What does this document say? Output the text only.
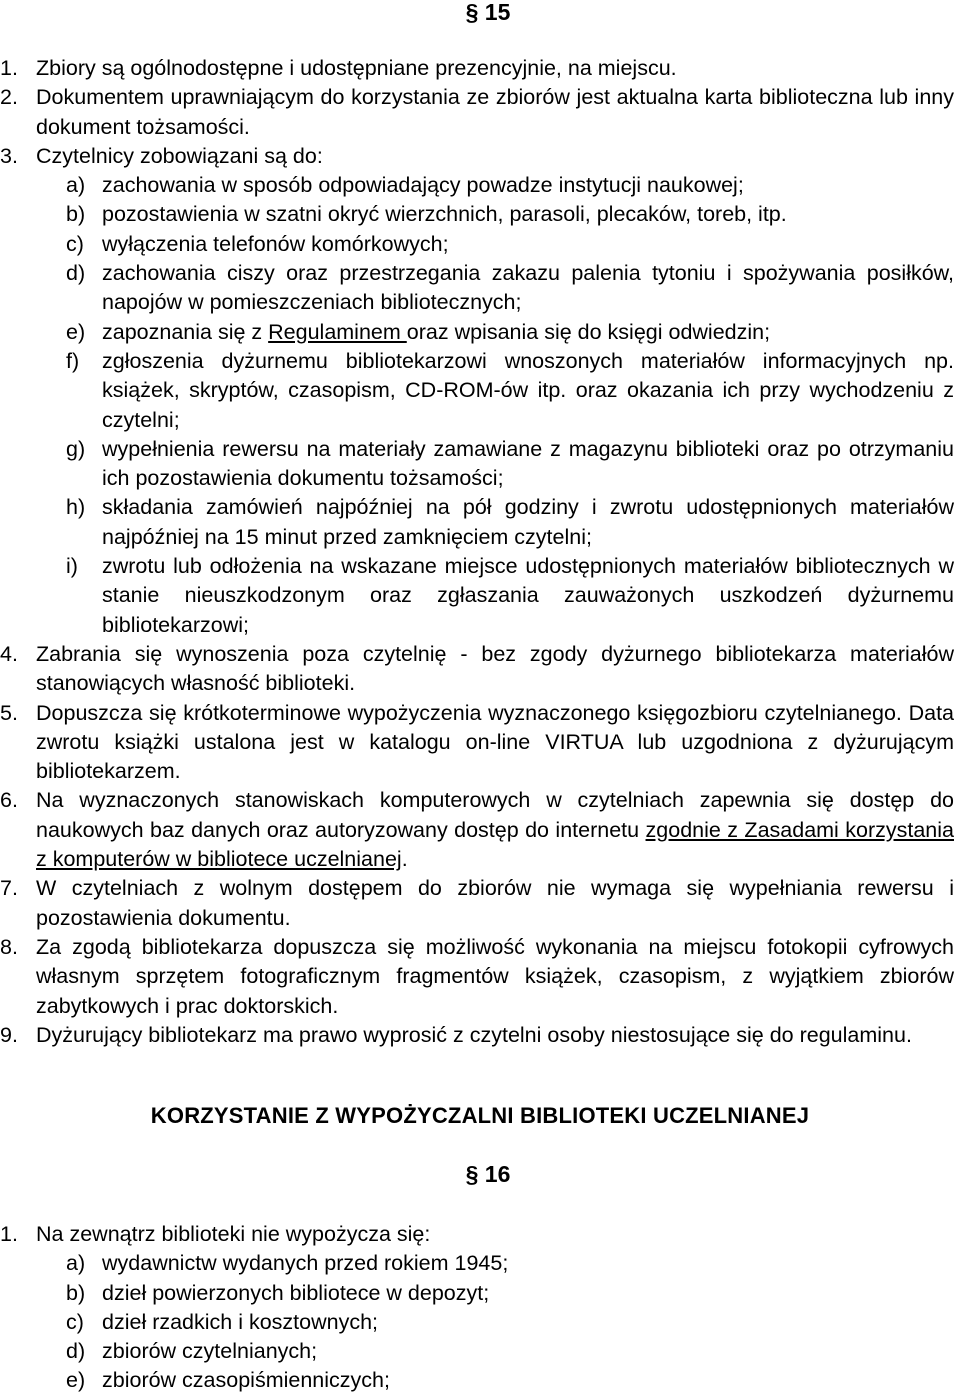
§ 15
1. Zbiory są ogólnodostępne i udostępniane prezencyjnie, na miejscu.
2. Dokumentem uprawniającym do korzystania ze zbiorów jest aktualna karta biblioteczna lub inny dokument tożsamości.
3. Czytelnicy zobowiązani są do:
a) zachowania w sposób odpowiadający powadze instytucji naukowej;
b) pozostawienia w szatni okryć wierzchnich, parasoli, plecaków, toreb, itp.
c) wyłączenia telefonów komórkowych;
d) zachowania ciszy oraz przestrzegania zakazu palenia tytoniu i spożywania posiłków, napojów w pomieszczeniach bibliotecznych;
e) zapoznania się z Regulaminem oraz wpisania się do księgi odwiedzin;
f) zgłoszenia dyżurnemu bibliotekarzowi wnoszonych materiałów informacyjnych np. książek, skryptów, czasopism, CD-ROM-ów itp. oraz okazania ich przy wychodzeniu z czytelni;
g) wypełnienia rewersu na materiały zamawiane z magazynu biblioteki oraz po otrzymaniu ich pozostawienia dokumentu tożsamości;
h) składania zamówień najpóźniej na pół godziny i zwrotu udostępnionych materiałów najpóźniej na 15 minut przed zamknięciem czytelni;
i) zwrotu lub odłożenia na wskazane miejsce udostępnionych materiałów bibliotecznych w stanie nieuszkodzonym oraz zgłaszania zauważonych uszkodzeń dyżurnemu bibliotekarzowi;
4. Zabrania się wynoszenia poza czytelnię - bez zgody dyżurnego bibliotekarza materiałów stanowiących własność biblioteki.
5. Dopuszcza się krótkoterminowe wypożyczenia wyznaczonego księgozbioru czytelnianego. Data zwrotu książki ustalona jest w katalogu on-line VIRTUA lub uzgodniona z dyżurującym bibliotekarzem.
6. Na wyznaczonych stanowiskach komputerowych w czytelniach zapewnia się dostęp do naukowych baz danych oraz autoryzowany dostęp do internetu zgodnie z Zasadami korzystania z komputerów w bibliotece uczelnianej.
7. W czytelniach z wolnym dostępem do zbiorów nie wymaga się wypełniania rewersu i pozostawienia dokumentu.
8. Za zgodą bibliotekarza dopuszcza się możliwość wykonania na miejscu fotokopii cyfrowych własnym sprzętem fotograficznym fragmentów książek, czasopism, z wyjątkiem zbiorów zabytkowych i prac doktorskich.
9. Dyżurujący bibliotekarz ma prawo wyprosić z czytelni osoby niestosujące się do regulaminu.
KORZYSTANIE Z WYPOŻYCZALNI BIBLIOTEKI UCZELNIANEJ
§ 16
1. Na zewnątrz biblioteki nie wypożycza się:
a) wydawnictw wydanych przed rokiem 1945;
b) dzieł powierzonych bibliotece w depozyt;
c) dzieł rzadkich i kosztownych;
d) zbiorów czytelnianych;
e) zbiorów czasopiśmienniczych;
